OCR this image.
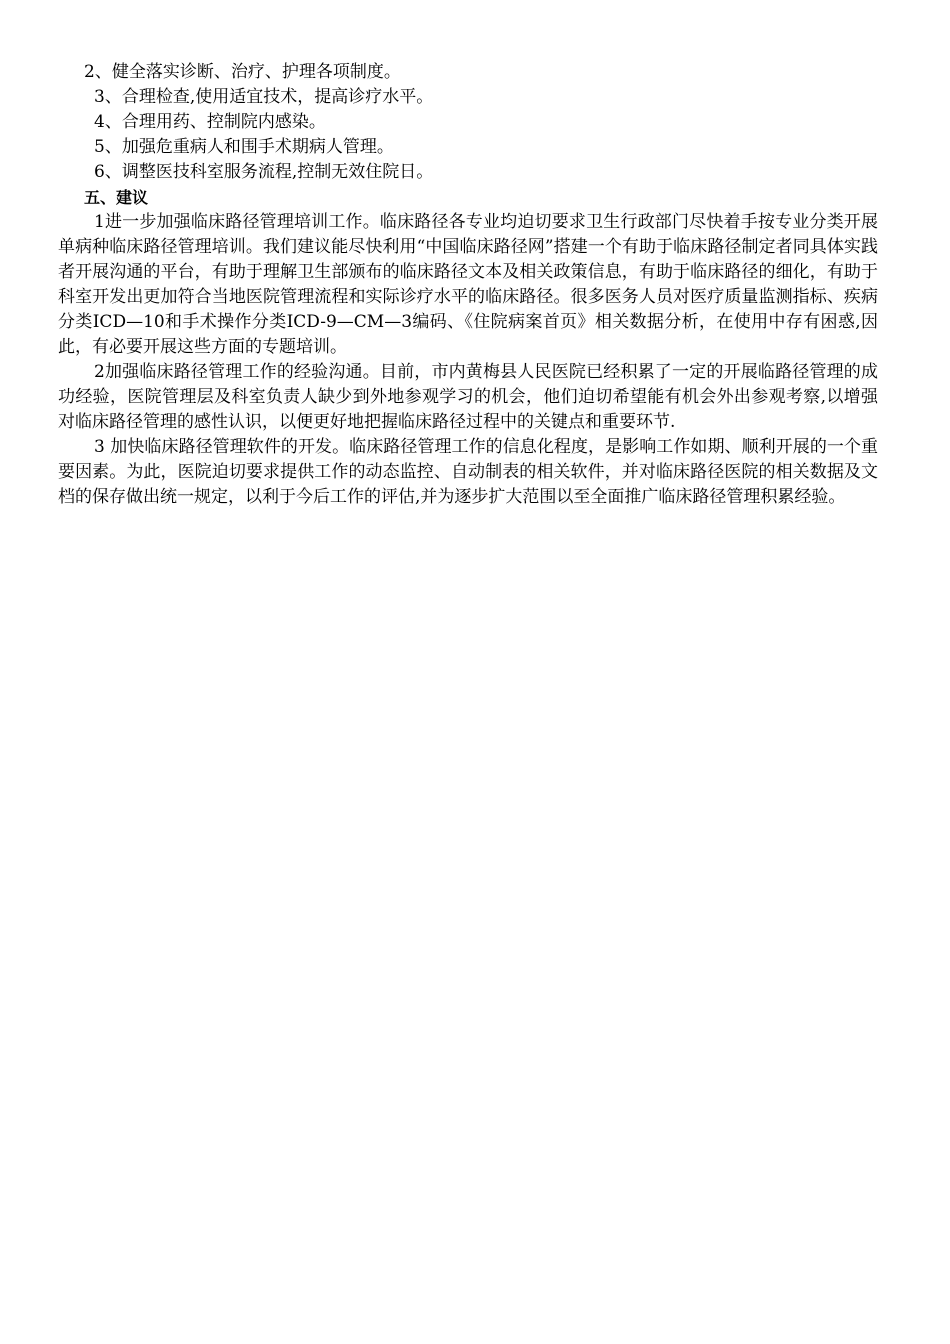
2、健全落实诊断、治疗、护理各项制度。

3、合理检查,使用适宜技术，提高诊疗水平。

4、合理用药、控制院内感染。

5、加强危重病人和围手术期病人管理。

6、调整医技科室服务流程,控制无效住院日。

五、建议

1进一步加强临床路径管理培训工作。临床路径各专业均迫切要求卫生行政部门尽快着手按专业分类开展单病种临床路径管理培训。我们建议能尽快利用“中国临床路径网”搭建一个有助于临床路径制定者同具体实践者开展沟通的平台，有助于理解卫生部颁布的临床路径文本及相关政策信息，有助于临床路径的细化，有助于科室开发出更加符合当地医院管理流程和实际诊疗水平的临床路径。很多医务人员对医疗质量监测指标、疾病分类ICD—10和手术操作分类ICD-9—CM—3编码、《住院病案首页》相关数据分析，在使用中存有困惑,因此，有必要开展这些方面的专题培训。

2加强临床路径管理工作的经验沟通。目前，市内黄梅县人民医院已经积累了一定的开展临路径管理的成功经验，医院管理层及科室负责人缺少到外地参观学习的机会，他们迫切希望能有机会外出参观考察,以增强对临床路径管理的感性认识，以便更好地把握临床路径过程中的关键点和重要环节.

3 加快临床路径管理软件的开发。临床路径管理工作的信息化程度，是影响工作如期、顺利开展的一个重要因素。为此，医院迫切要求提供工作的动态监控、自动制表的相关软件，并对临床路径医院的相关数据及文档的保存做出统一规定，以利于今后工作的评估,并为逐步扩大范围以至全面推广临床路径管理积累经验。
